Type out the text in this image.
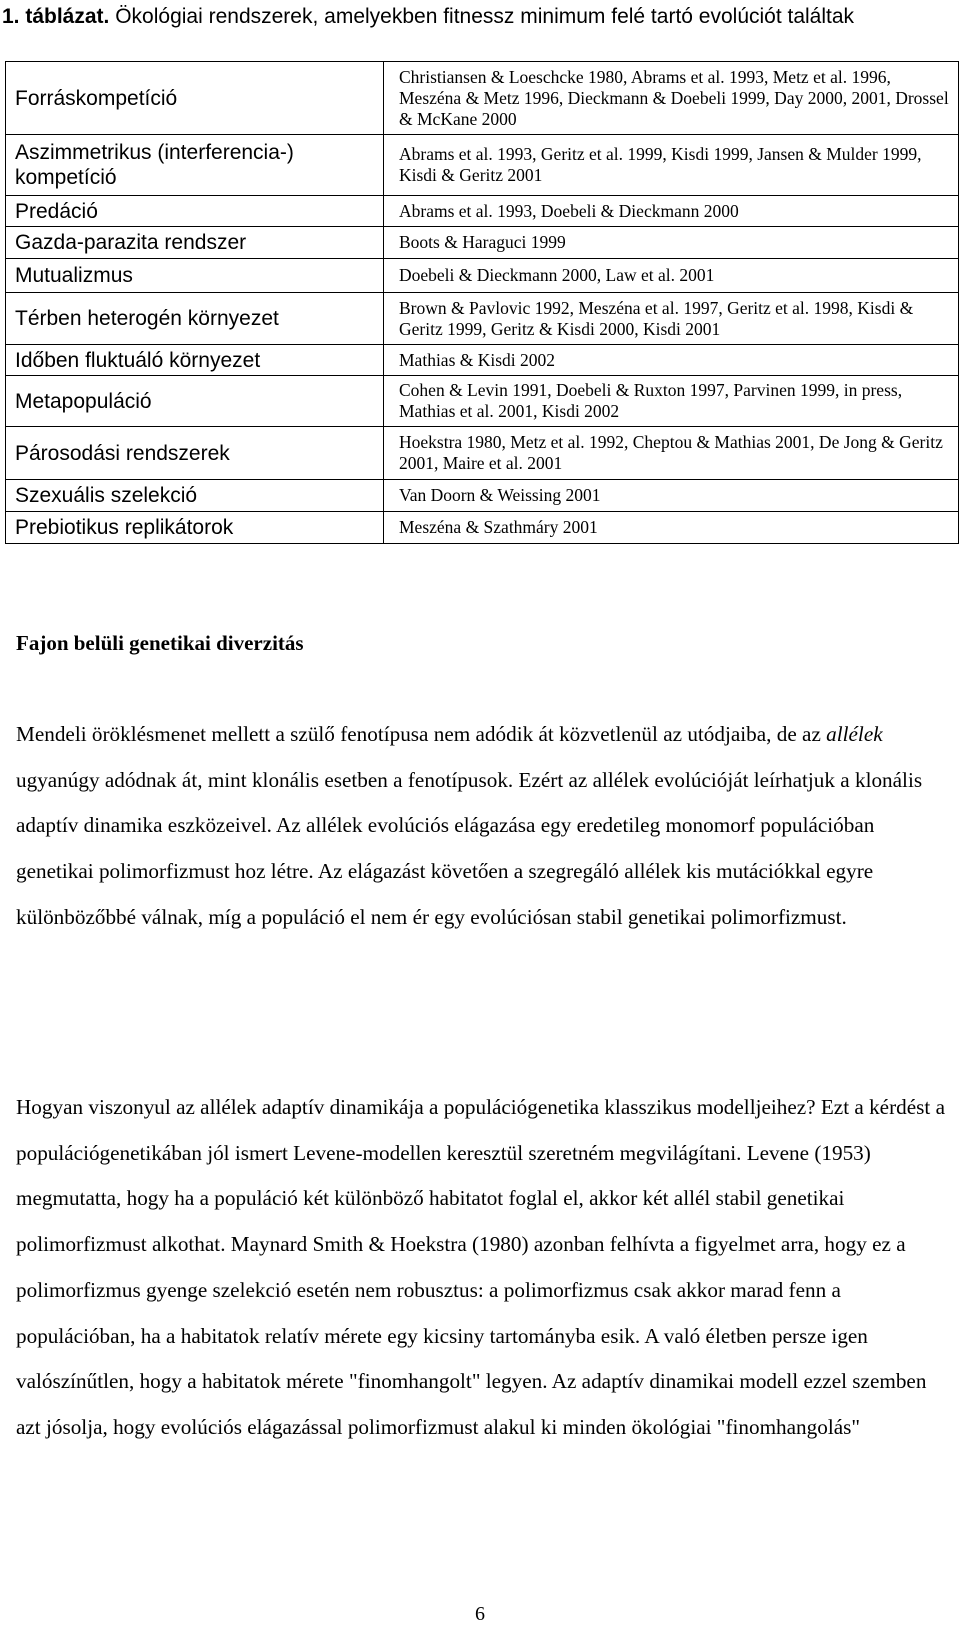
1. táblázat. Ökológiai rendszerek, amelyekben fitnessz minimum felé tartó evolúciót találtak
Forráskompetíció	Christiansen & Loeschcke 1980, Abrams et al. 1993, Metz et al. 1996, Meszéna & Metz 1996, Dieckmann & Doebeli 1999, Day 2000, 2001, Drossel & McKane 2000
Aszimmetrikus (interferencia-) kompetíció	Abrams et al. 1993, Geritz et al. 1999, Kisdi 1999, Jansen & Mulder 1999, Kisdi & Geritz 2001
Predáció	Abrams et al. 1993, Doebeli & Dieckmann 2000
Gazda-parazita rendszer	Boots & Haraguci 1999
Mutualizmus	Doebeli & Dieckmann 2000, Law et al. 2001
Térben heterogén környezet	Brown & Pavlovic 1992, Meszéna et al. 1997, Geritz et al. 1998, Kisdi & Geritz 1999, Geritz & Kisdi 2000, Kisdi 2001
Időben fluktuáló környezet	Mathias & Kisdi 2002
Metapopuláció	Cohen & Levin 1991, Doebeli & Ruxton 1997, Parvinen 1999, in press, Mathias et al. 2001, Kisdi 2002
Párosodási rendszerek	Hoekstra 1980, Metz et al. 1992, Cheptou & Mathias 2001, De Jong & Geritz 2001, Maire et al. 2001
Szexuális szelekció	Van Doorn & Weissing 2001
Prebiotikus replikátorok	Meszéna & Szathmáry 2001
Fajon belüli genetikai diverzitás
Mendeli öröklésmenet mellett a szülő fenotípusa nem adódik át közvetlenül az utódjaiba, de az allélek ugyanúgy adódnak át, mint klonális esetben a fenotípusok. Ezért az allélek evolúcióját leírhatjuk a klonális adaptív dinamika eszközeivel. Az allélek evolúciós elágazása egy eredetileg monomorf populációban genetikai polimorfizmust hoz létre. Az elágazást követően a szegregáló allélek kis mutációkkal egyre különbözőbbé válnak, míg a populáció el nem ér egy evolúciósan stabil genetikai polimorfizmust.
Hogyan viszonyul az allélek adaptív dinamikája a populációgenetika klasszikus modelljeihez? Ezt a kérdést a populációgenetikában jól ismert Levene-modellen keresztül szeretném megvilágítani. Levene (1953) megmutatta, hogy ha a populáció két különböző habitatot foglal el, akkor két allél stabil genetikai polimorfizmust alkothat. Maynard Smith & Hoekstra (1980) azonban felhívta a figyelmet arra, hogy ez a polimorfizmus gyenge szelekció esetén nem robusztus: a polimorfizmus csak akkor marad fenn a populációban, ha a habitatok relatív mérete egy kicsiny tartományba esik. A való életben persze igen valószínűtlen, hogy a habitatok mérete "finomhangolt" legyen. Az adaptív dinamikai modell ezzel szemben azt jósolja, hogy evolúciós elágazással polimorfizmust alakul ki minden ökológiai "finomhangolás"
6
